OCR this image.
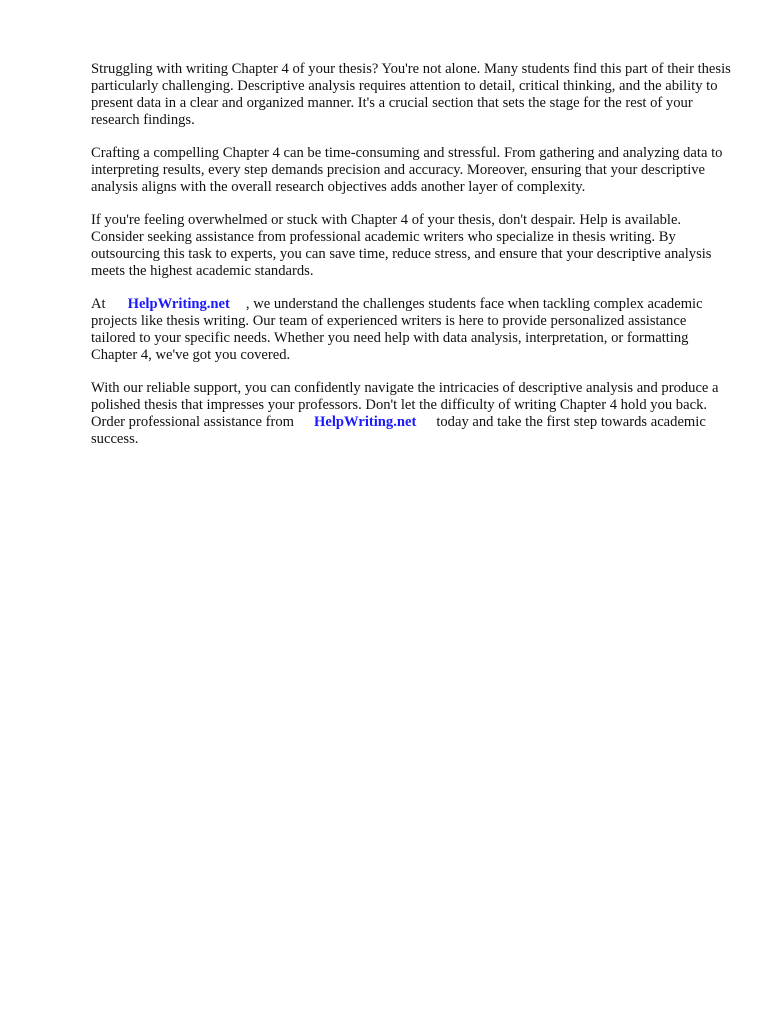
Struggling with writing Chapter 4 of your thesis? You're not alone. Many students find this part of their thesis particularly challenging. Descriptive analysis requires attention to detail, critical thinking, and the ability to present data in a clear and organized manner. It's a crucial section that sets the stage for the rest of your research findings.

Crafting a compelling Chapter 4 can be time-consuming and stressful. From gathering and analyzing data to interpreting results, every step demands precision and accuracy. Moreover, ensuring that your descriptive analysis aligns with the overall research objectives adds another layer of complexity.

If you're feeling overwhelmed or stuck with Chapter 4 of your thesis, don't despair. Help is available. Consider seeking assistance from professional academic writers who specialize in thesis writing. By outsourcing this task to experts, you can save time, reduce stress, and ensure that your descriptive analysis meets the highest academic standards.

At HelpWriting.net , we understand the challenges students face when tackling complex academic projects like thesis writing. Our team of experienced writers is here to provide personalized assistance tailored to your specific needs. Whether you need help with data analysis, interpretation, or formatting Chapter 4, we've got you covered.

With our reliable support, you can confidently navigate the intricacies of descriptive analysis and produce a polished thesis that impresses your professors. Don't let the difficulty of writing Chapter 4 hold you back. Order professional assistance from HelpWriting.net today and take the first step towards academic success.
